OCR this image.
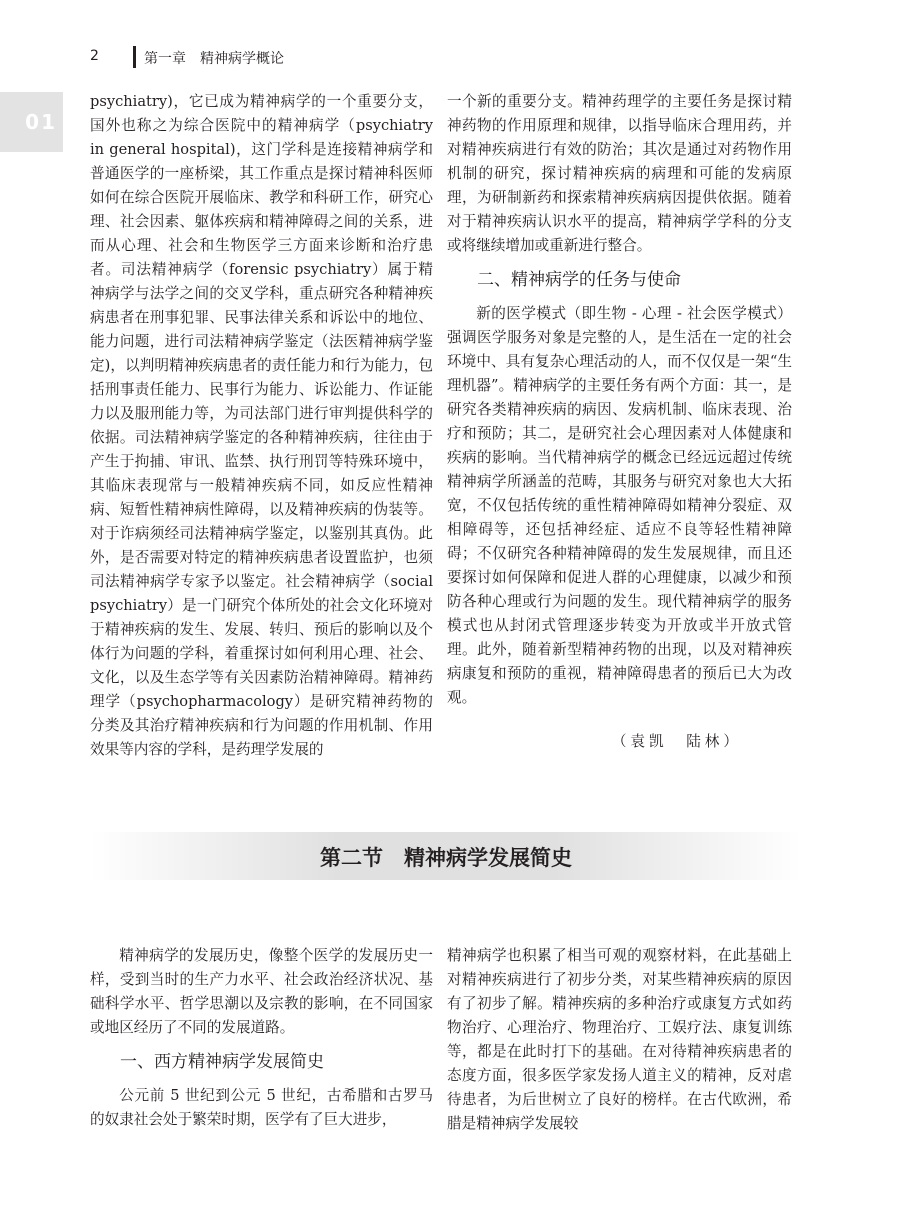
2	第一章　精神病学概论
01

psychiatry)，它已成为精神病学的一个重要分支，国外也称之为综合医院中的精神病学（psychiatry in general hospital)，这门学科是连接精神病学和普通医学的一座桥梁，其工作重点是探讨精神科医师如何在综合医院开展临床、教学和科研工作，研究心理、社会因素、躯体疾病和精神障碍之间的关系，进而从心理、社会和生物医学三方面来诊断和治疗患者。司法精神病学（forensic psychiatry）属于精神病学与法学之间的交叉学科，重点研究各种精神疾病患者在刑事犯罪、民事法律关系和诉讼中的地位、能力问题，进行司法精神病学鉴定（法医精神病学鉴定)，以判明精神疾病患者的责任能力和行为能力，包括刑事责任能力、民事行为能力、诉讼能力、作证能力以及服刑能力等，为司法部门进行审判提供科学的依据。司法精神病学鉴定的各种精神疾病，往往由于产生于拘捕、审讯、监禁、执行刑罚等特殊环境中，其临床表现常与一般精神疾病不同，如反应性精神病、短暂性精神病性障碍，以及精神疾病的伪装等。对于诈病须经司法精神病学鉴定，以鉴别其真伪。此外，是否需要对特定的精神疾病患者设置监护，也须司法精神病学专家予以鉴定。社会精神病学（social psychiatry）是一门研究个体所处的社会文化环境对于精神疾病的发生、发展、转归、预后的影响以及个体行为问题的学科，着重探讨如何利用心理、社会、文化，以及生态学等有关因素防治精神障碍。精神药理学（psychopharmacology）是研究精神药物的分类及其治疗精神疾病和行为问题的作用机制、作用效果等内容的学科，是药理学发展的

一个新的重要分支。精神药理学的主要任务是探讨精神药物的作用原理和规律，以指导临床合理用药，并对精神疾病进行有效的防治；其次是通过对药物作用机制的研究，探讨精神疾病的病理和可能的发病原理，为研制新药和探索精神疾病病因提供依据。随着对于精神疾病认识水平的提高，精神病学学科的分支或将继续增加或重新进行整合。

二、精神病学的任务与使命

新的医学模式（即生物 - 心理 - 社会医学模式）强调医学服务对象是完整的人，是生活在一定的社会环境中、具有复杂心理活动的人，而不仅仅是一架“生理机器”。精神病学的主要任务有两个方面：其一，是研究各类精神疾病的病因、发病机制、临床表现、治疗和预防；其二，是研究社会心理因素对人体健康和疾病的影响。当代精神病学的概念已经远远超过传统精神病学所涵盖的范畴，其服务与研究对象也大大拓宽，不仅包括传统的重性精神障碍如精神分裂症、双相障碍等，还包括神经症、适应不良等轻性精神障碍；不仅研究各种精神障碍的发生发展规律，而且还要探讨如何保障和促进人群的心理健康，以减少和预防各种心理或行为问题的发生。现代精神病学的服务模式也从封闭式管理逐步转变为开放或半开放式管理。此外，随着新型精神药物的出现，以及对精神疾病康复和预防的重视，精神障碍患者的预后已大为改观。

（袁凯　陆林）

第二节　精神病学发展简史

精神病学的发展历史，像整个医学的发展历史一样，受到当时的生产力水平、社会政治经济状况、基础科学水平、哲学思潮以及宗教的影响，在不同国家或地区经历了不同的发展道路。

一、西方精神病学发展简史

公元前 5 世纪到公元 5 世纪，古希腊和古罗马的奴隶社会处于繁荣时期，医学有了巨大进步，

精神病学也积累了相当可观的观察材料，在此基础上对精神疾病进行了初步分类，对某些精神疾病的原因有了初步了解。精神疾病的多种治疗或康复方式如药物治疗、心理治疗、物理治疗、工娱疗法、康复训练等，都是在此时打下的基础。在对待精神疾病患者的态度方面，很多医学家发扬人道主义的精神，反对虐待患者，为后世树立了良好的榜样。在古代欧洲，希腊是精神病学发展较
